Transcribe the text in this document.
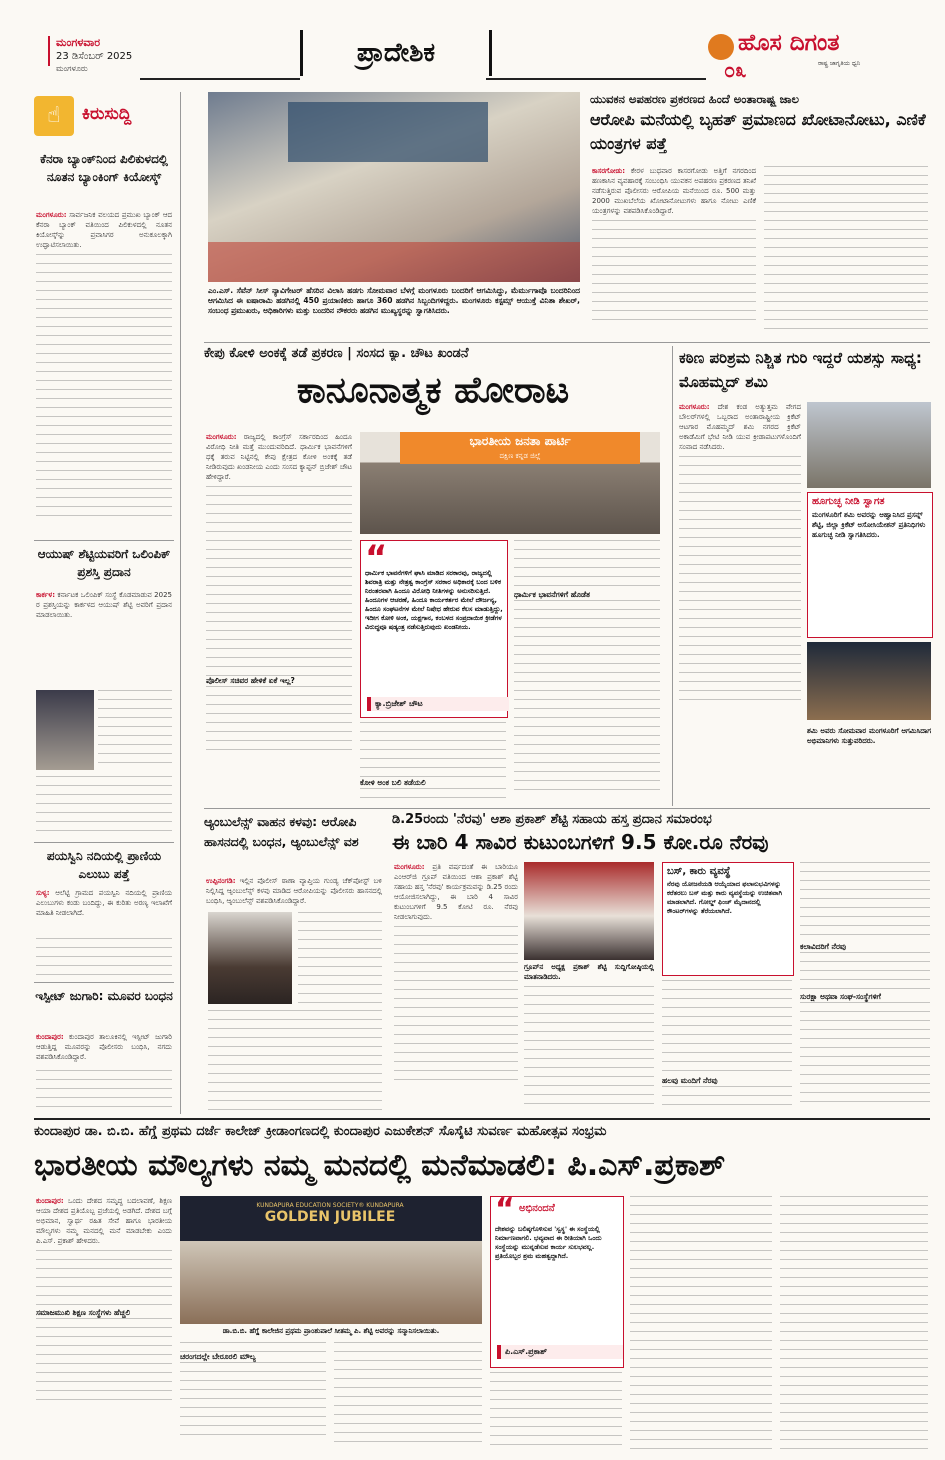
ಮಂಗಳವಾರ
23 ಡಿಸೆಂಬರ್ 2025
ಮಂಗಳೂರು
ಪ್ರಾದೇಶಿಕ	ಹೊಸ ದಿಗಂತ
ರಾಷ್ಟ್ರ ಜಾಗೃತಿಯ ಧ್ವನಿ
೦೩
☝	ಕಿರುಸುದ್ದಿ
ಕೆನರಾ ಬ್ಯಾಂಕ್‌ನಿಂದ ಪಿಲಿಕುಳದಲ್ಲಿ ನೂತನ ಬ್ಯಾಂಕಿಂಗ್ ಕಿಯೋಸ್ಕ್
ಮಂಗಳೂರು: ಸಾರ್ವಜನಿಕ ವಲಯದ ಪ್ರಮುಖ ಬ್ಯಾಂಕ್ ಆದ ಕೆನರಾ ಬ್ಯಾಂಕ್ ವತಿಯಿಂದ ಪಿಲಿಕುಳದಲ್ಲಿ ನೂತನ ಕಿಯೋಸ್ಕ್‌ನ್ನು ಪ್ರವಾಸಿಗರ ಅನುಕೂಲಕ್ಕಾಗಿ ಉದ್ಘಾಟಿಸಲಾಯಿತು.
ಆಯುಷ್ ಶೆಟ್ಟಿಯವರಿಗೆ ಒಲಿಂಪಿಕ್ ಪ್ರಶಸ್ತಿ ಪ್ರದಾನ
ಕಾರ್ಕಳ: ಕರ್ನಾಟಕ ಒಲಿಂಪಿಕ್ ಸಂಸ್ಥೆ ಕೊಡಮಾಡುವ 2025 ರ ಪ್ರಶಸ್ತಿಯನ್ನು ಕಾರ್ಕಳದ ಆಯುಷ್ ಶೆಟ್ಟಿ ಅವರಿಗೆ ಪ್ರದಾನ ಮಾಡಲಾಯಿತು.
ಪಯಸ್ವಿನಿ ನದಿಯಲ್ಲಿ ಪ್ರಾಣಿಯ ಎಲುಬು ಪತ್ತೆ
ಸುಳ್ಯ: ಆಲೆಟ್ಟಿ ಗ್ರಾಮದ ಪಯಸ್ವಿನಿ ನದಿಯಲ್ಲಿ ಪ್ರಾಣಿಯ ಎಲುಬುಗಳು ಕಂಡು ಬಂದಿದ್ದು, ಈ ಕುರಿತು ಅರಣ್ಯ ಇಲಾಖೆಗೆ ಮಾಹಿತಿ ನೀಡಲಾಗಿದೆ.
ಇಸ್ಪೀಟ್ ಜುಗಾರಿ: ಮೂವರ ಬಂಧನ
ಕುಂದಾಪುರ: ಕುಂದಾಪುರ ತಾಲೂಕಿನಲ್ಲಿ ಇಸ್ಪೀಟ್ ಜುಗಾರಿ ಆಡುತ್ತಿದ್ದ ಮೂವರನ್ನು ಪೊಲೀಸರು ಬಂಧಿಸಿ, ನಗದು ವಶಪಡಿಸಿಕೊಂಡಿದ್ದಾರೆ.
ಎಂ.ಎಸ್. ಸೆವೆನ್ ಸೀಸ್ ನ್ಯಾವಿಗೇಟರ್ ಹೆಸರಿನ ವಿಲಾಸಿ ಹಡಗು ಸೋಮವಾರ ಬೆಳಗ್ಗೆ ಮಂಗಳೂರು ಬಂದರಿಗೆ ಆಗಮಿಸಿದ್ದು, ಮೆರ್ಮುಗಾವೊ ಬಂದರಿನಿಂದ ಆಗಮಿಸಿದ ಈ ಐಷಾರಾಮಿ ಹಡಗಿನಲ್ಲಿ 450 ಪ್ರಯಾಣಿಕರು ಹಾಗೂ 360 ಹಡಗಿನ ಸಿಬ್ಬಂದಿಗಳಿದ್ದರು. ಮಂಗಳೂರು ಕಸ್ಟಮ್ಸ್ ಆಯುಕ್ತೆ ವಿನಿತಾ ಶೇಖರ್, ಸಂಬಂಧ ಪ್ರಮುಖರು, ಅಧಿಕಾರಿಗಳು ಮತ್ತು ಬಂದರಿನ ನೌಕರರು ಹಡಗಿನ ಮುಖ್ಯಸ್ಥರನ್ನು ಸ್ವಾಗತಿಸಿದರು.
ಯುವಕನ ಅಪಹರಣ ಪ್ರಕರಣದ ಹಿಂದೆ ಅಂತಾರಾಷ್ಟ್ರ ಜಾಲ
ಆರೋಪಿ ಮನೆಯಲ್ಲಿ ಬೃಹತ್ ಪ್ರಮಾಣದ ಖೋಟಾನೋಟು, ಎಣಿಕೆ ಯಂತ್ರಗಳ ಪತ್ತೆ
ಕಾಸರಗೋಡು: ಕೇರಳ ಬುಧವಾರ ಕಾಸರಗೋಡು ಅತ್ತಿಗೆ ನಗರದಿಂದ ಹಣಕಾಸಿನ ವ್ಯವಹಾರಕ್ಕೆ ಸಂಬಂಧಿಸಿ ಯುವಕನ ಅಪಹರಣ ಪ್ರಕರಣದ ತನಿಖೆ ನಡೆಸುತ್ತಿರುವ ಪೊಲೀಸರು ಆರೋಪಿಯ ಮನೆಯಿಂದ ರೂ. 500 ಮತ್ತು 2000 ಮುಖಬೆಲೆಯ ಖೋಟಾನೋಟುಗಳು ಹಾಗೂ ನೋಟು ಎಣಿಕೆ ಯಂತ್ರಗಳನ್ನು ವಶಪಡಿಸಿಕೊಂಡಿದ್ದಾರೆ.
ಕೇಪು ಕೋಳಿ ಅಂಕಕ್ಕೆ ತಡೆ ಪ್ರಕರಣ | ಸಂಸದ ಕ್ಯಾ. ಚೌಟ ಖಂಡನೆ
ಕಾನೂನಾತ್ಮಕ ಹೋರಾಟ
ಮಂಗಳೂರು: ರಾಜ್ಯದಲ್ಲಿ ಕಾಂಗ್ರೆಸ್ ಸರ್ಕಾರದಿಂದ ಹಿಂದೂ ವಿರೋಧಿ ನೀತಿ ಮತ್ತೆ ಮುಂದುವರಿದಿದೆ. ಧಾರ್ಮಿಕ ಭಾವನೆಗಳಿಗೆ ಧಕ್ಕೆ ತರುವ ನಿಟ್ಟಿನಲ್ಲಿ ಕೇಪು ಕ್ಷೇತ್ರದ ಕೋಳಿ ಅಂಕಕ್ಕೆ ತಡೆ ನೀಡಿರುವುದು ಖಂಡನೀಯ ಎಂದು ಸಂಸದ ಕ್ಯಾಪ್ಟನ್ ಬ್ರಿಜೇಶ್ ಚೌಟ ಹೇಳಿದ್ದಾರೆ.
ಪೊಲೀಸ್ ಸಚಿವರ ಹೇಳಿಕೆ ಏಕೆ ಇಲ್ಲ?
ಭಾರತೀಯ ಜನತಾ ಪಾರ್ಟಿ
ದಕ್ಷಿಣ ಕನ್ನಡ ಜಿಲ್ಲೆ
“
ಧಾರ್ಮಿಕ ಭಾವನೆಗಳಿಗೆ ಘಾಸಿ ಮಾಡಿದ ಸರಕಾರವು, ರಾಜ್ಯದಲ್ಲಿ ಶಿವರಾತ್ರಿ ಮತ್ತು ನೇತ್ರತ್ವ ಕಾಂಗ್ರೆಸ್ ಸರಕಾರ ಅಧಿಕಾರಕ್ಕೆ ಬಂದ ಬಳಿಕ ನಿರಂತರವಾಗಿ ಹಿಂದೂ ವಿರೋಧಿ ನೀತಿಗಳನ್ನು ಅನುಸರಿಸುತ್ತಿದೆ. ಹಿಂದೂಗಳ ಆಚರಣೆ, ಹಿಂದೂ ಕಾರ್ಯಕರ್ತರ ಮೇಲೆ ದೌರ್ಜನ್ಯ, ಹಿಂದೂ ಸಂಘಟನೆಗಳ ಮೇಲೆ ನಿಷೇಧ ಹೇರುವ ಕೆಲಸ ಮಾಡುತ್ತಿದ್ದು, ಇದೀಗ ಕೋಳಿ ಅಂಕ, ಯಕ್ಷಗಾನ, ಕಂಬಳದ ಸಂಪ್ರದಾಯಿಕ ಕ್ರೀಡೆಗಳ ವಿರುದ್ಧವೂ ಷಡ್ಯಂತ್ರ ನಡೆಸುತ್ತಿರುವುದು ಖಂಡನೀಯ.
ಕ್ಯಾ.ಬ್ರಿಜೇಶ್ ಚೌಟ
ಕೋಳಿ ಅಂಕ ಬಲಿ ತಡೆಯಲಿ
ಧಾರ್ಮಿಕ ಭಾವನೆಗಳಿಗೆ ಹೊಡೆತ
ಕಠಿಣ ಪರಿಶ್ರಮ ನಿಶ್ಚಿತ ಗುರಿ ಇದ್ದರೆ ಯಶಸ್ಸು ಸಾಧ್ಯ: ಮೊಹಮ್ಮದ್ ಶಮಿ
ಮಂಗಳೂರು: ದೇಶ ಕಂಡ ಅತ್ಯುತ್ತಮ ವೇಗದ ಬೌಲರ್‌ಗಳಲ್ಲಿ ಒಬ್ಬರಾದ ಅಂತಾರಾಷ್ಟ್ರೀಯ ಕ್ರಿಕೆಟ್ ಆಟಗಾರ ಮೊಹಮ್ಮದ್ ಶಮಿ ನಗರದ ಕ್ರಿಕೆಟ್ ಅಕಾಡೆಮಿಗೆ ಭೇಟಿ ನೀಡಿ ಯುವ ಕ್ರೀಡಾಪಟುಗಳೊಂದಿಗೆ ಸಂವಾದ ನಡೆಸಿದರು.
ಹೂಗುಚ್ಛ ನೀಡಿ ಸ್ವಾಗತ
ಮಂಗಳೂರಿಗೆ ಶಮಿ ಅವರನ್ನು ಆಹ್ವಾನಿಸಿದ ಪ್ರಸನ್ನ್ ಶೆಟ್ಟಿ, ಜಿಲ್ಲಾ ಕ್ರಿಕೆಟ್ ಅಸೋಸಿಯೇಶನ್ ಪ್ರತಿನಿಧಿಗಳು ಹೂಗುಚ್ಛ ನೀಡಿ ಸ್ವಾಗತಿಸಿದರು.
ಶಮಿ ಅವರು ಸೋಮವಾರ ಮಂಗಳೂರಿಗೆ ಆಗಮಿಸಿದಾಗ ಅಭಿಮಾನಿಗಳು ಸುತ್ತುವರಿದರು.
ಆ್ಯಂಬುಲೆನ್ಸ್ ವಾಹನ ಕಳವು: ಆರೋಪಿ ಹಾಸನದಲ್ಲಿ ಬಂಧನ, ಆ್ಯಂಬುಲೆನ್ಸ್ ವಶ
ಉಪ್ಪಿನಂಗಡಿ: ಇಲ್ಲಿನ ಪೊಲೀಸ್ ಠಾಣಾ ವ್ಯಾಪ್ತಿಯ ಗುಂಡ್ಯ ಚೆಕ್‌ಪೋಸ್ಟ್ ಬಳಿ ನಿಲ್ಲಿಸಿದ್ದ ಆ್ಯಂಬುಲೆನ್ಸ್ ಕಳವು ಮಾಡಿದ ಆರೋಪಿಯನ್ನು ಪೊಲೀಸರು ಹಾಸನದಲ್ಲಿ ಬಂಧಿಸಿ, ಆ್ಯಂಬುಲೆನ್ಸ್ ವಶಪಡಿಸಿಕೊಂಡಿದ್ದಾರೆ.
ಡಿ.25ರಂದು 'ನೆರವು' ಆಶಾ ಪ್ರಕಾಶ್ ಶೆಟ್ಟಿ ಸಹಾಯ ಹಸ್ತ ಪ್ರದಾನ ಸಮಾರಂಭ
ಈ ಬಾರಿ 4 ಸಾವಿರ ಕುಟುಂಬಗಳಿಗೆ 9.5 ಕೋ.ರೂ ನೆರವು
ಮಂಗಳೂರು: ಪ್ರತಿ ವರ್ಷದಂತೆ ಈ ಬಾರಿಯೂ ಎಂಆರ್‌ಜಿ ಗ್ರೂಪ್ ವತಿಯಿಂದ ಆಶಾ ಪ್ರಕಾಶ್ ಶೆಟ್ಟಿ ಸಹಾಯ ಹಸ್ತ 'ನೆರವು' ಕಾರ್ಯಕ್ರಮವನ್ನು ಡಿ.25 ರಂದು ಆಯೋಜಿಸಲಾಗಿದ್ದು, ಈ ಬಾರಿ 4 ಸಾವಿರ ಕುಟುಂಬಗಳಿಗೆ 9.5 ಕೋಟಿ ರೂ. ನೆರವು ನೀಡಲಾಗುವುದು.
ಗ್ರೂಪ್‌ನ ಅಧ್ಯಕ್ಷ ಪ್ರಕಾಶ್ ಶೆಟ್ಟಿ ಸುದ್ದಿಗೋಷ್ಠಿಯಲ್ಲಿ ಮಾತನಾಡಿದರು.
ಬಸ್, ಕಾರು ವ್ಯವಸ್ಥೆ
ನೆರವು ಯೋಜನೆಯಡಿ ಆಯ್ಕೆಯಾದ ಫಲಾನುಭವಿಗಳನ್ನು ಕರೆತರಲು ಬಸ್ ಮತ್ತು ಕಾರು ವ್ಯವಸ್ಥೆಯನ್ನು ಉಚಿತವಾಗಿ ಮಾಡಲಾಗಿದೆ. ಗೋಲ್ಡ್ ಫಿಂಚ್ ಮೈದಾನದಲ್ಲಿ ಕೌಂಟರ್‌ಗಳನ್ನು ತೆರೆಯಲಾಗಿದೆ.
ಹಲವು ಮಂದಿಗೆ ನೆರವು
ಕಲಾವಿದರಿಗೆ ನೆರವು
ಸುರಕ್ಷಾ ಅಥವಾ ಸಂಘ-ಸಂಸ್ಥೆಗಳಿಗೆ
ಕುಂದಾಪುರ ಡಾ. ಬಿ.ಬಿ. ಹೆಗ್ಡೆ ಪ್ರಥಮ ದರ್ಜೆ ಕಾಲೇಜ್ ಕ್ರೀಡಾಂಗಣದಲ್ಲಿ ಕುಂದಾಪುರ ಎಜುಕೇಶನ್ ಸೊಸೈಟಿ ಸುವರ್ಣ ಮಹೋತ್ಸವ ಸಂಭ್ರಮ
ಭಾರತೀಯ ಮೌಲ್ಯಗಳು ನಮ್ಮ ಮನದಲ್ಲಿ ಮನೆಮಾಡಲಿ: ಪಿ.ಎಸ್.ಪ್ರಕಾಶ್
ಕುಂದಾಪುರ: ಒಂದು ದೇಶದ ಸಮೃದ್ಧ ಬದಲಾವಣೆ, ಶಿಕ್ಷಣ ಆಯಾ ದೇಶದ ಪ್ರತಿಯೊಬ್ಬ ಪ್ರಜೆಯಲ್ಲಿ ಅಡಗಿದೆ. ದೇಶದ ಬಗ್ಗೆ ಅಭಿಮಾನ, ಸ್ವಾರ್ಥ ರಹಿತ ಸೇವೆ ಹಾಗೂ ಭಾರತೀಯ ಮೌಲ್ಯಗಳು ನಮ್ಮ ಮನದಲ್ಲಿ ಮನೆ ಮಾಡಬೇಕು ಎಂದು ಪಿ.ಎಸ್. ಪ್ರಕಾಶ್ ಹೇಳಿದರು.
ಸಮಾಜಮುಖಿ ಶಿಕ್ಷಣ ಸಂಸ್ಥೆಗಳು ಹೆಚ್ಚಲಿ
KUNDAPURA EDUCATION SOCIETY® KUNDAPURA
GOLDEN JUBILEE
ಡಾ.ಬಿ.ಬಿ. ಹೆಗ್ಡೆ ಕಾಲೇಜಿನ ಪ್ರಥಮ ಪ್ರಾಂಶುಪಾಲೆ ಸೀತಮ್ಮ ಪಿ. ಶೆಟ್ಟಿ ಅವರನ್ನು ಸನ್ಮಾನಿಸಲಾಯಿತು.
ಚರಂಗದಲ್ಲೇ ಬೇರೂರಲಿ ಮೌಲ್ಯ
“ ಅಭಿನಂದನೆ
ದೇಶವನ್ನು ಬಲಿಷ್ಠಗೊಳಿಸುವ 'ಸ್ವಸ್ಥ' ಈ ಸಂಸ್ಥೆಯಲ್ಲಿ ನಿರ್ಮಾಣವಾಗಲಿ. ಭವ್ಯವಾದ ಈ ರೀತಿಯಾಗಿ ಒಂದು ಸಂಸ್ಥೆಯನ್ನು ಮುನ್ನಡೆಸುವ ಕಾರ್ಯ ಸುಲಭವಲ್ಲ. ಪ್ರತಿಯೊಬ್ಬರ ಶ್ರಮ ಮಹತ್ವದ್ದಾಗಿದೆ.
ಪಿ.ಎಸ್.ಪ್ರಕಾಶ್
